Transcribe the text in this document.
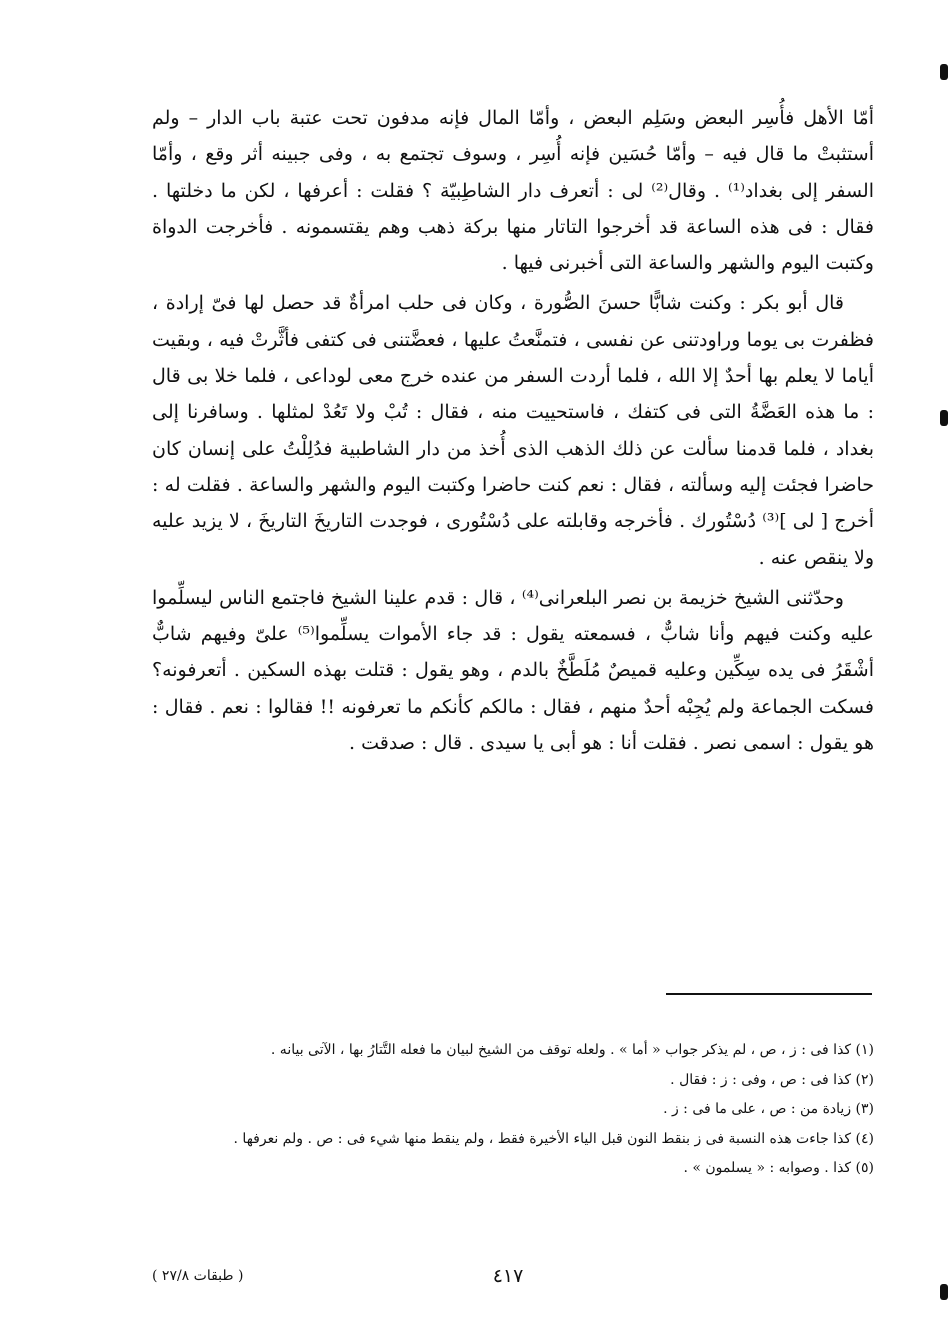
أمّا الأهل فأُسِر البعض وسَلِم البعض ، وأمّا المال فإنه مدفون تحت عتبة باب الدار – ولم أستثبتْ ما قال فيه – وأمّا حُسَين فإنه أُسِر ، وسوف تجتمع به ، وفى جبينه أثر وقع ، وأمّا السفر إلى بغداد⁽¹⁾ . وقال⁽²⁾ لى : أتعرف دار الشاطِبيّة ؟ فقلت : أعرفها ، لكن ما دخلتها . فقال : فى هذه الساعة قد أخرجوا التاتار منها بركة ذهب وهم يقتسمونه . فأخرجت الدواة وكتبت اليوم والشهر والساعة التى أخبرنى فيها .

قال أبو بكر : وكنت شابًّا حسنَ الصُّورة ، وكان فى حلب امرأةٌ قد حصل لها فىّ إرادة ، فظفرت بى يوما وراودتنى عن نفسى ، فتمنَّعتُ عليها ، فعضَّتنى فى كتفى فأثَّرتْ فيه ، وبقيت أياما لا يعلم بها أحدٌ إلا الله ، فلما أردت السفر من عنده خرج معى لوداعى ، فلما خلا بى قال : ما هذه العَضَّةُ التى فى كتفك ، فاستحييت منه ، فقال : تُبْ ولا تَعُدْ لمثلها . وسافرنا إلى بغداد ، فلما قدمنا سألت عن ذلك الذهب الذى أُخذ من دار الشاطبية فدُلِلْتُ على إنسان كان حاضرا فجئت إليه وسألته ، فقال : نعم كنت حاضرا وكتبت اليوم والشهر والساعة . فقلت له : أخرج [ لى ]⁽³⁾ دُسْتُورك . فأخرجه وقابلته على دُسْتُورى ، فوجدت التاريخَ التاريخَ ، لا يزيد عليه ولا ينقص عنه .

وحدّثنى الشيخ خزيمة بن نصر البلعرانى⁽⁴⁾ ، قال : قدم علينا الشيخ فاجتمع الناس ليسلِّموا عليه وكنت فيهم وأنا شابٌّ ، فسمعته يقول : قد جاء الأموات يسلِّموا⁽⁵⁾ علىّ وفيهم شابٌّ أشْقَرُ فى يده سِكِّين وعليه قميصٌ مُلَطَّخٌ بالدم ، وهو يقول : قتلت بهذه السكين . أتعرفونه؟ فسكت الجماعة ولم يُجِبْه أحدٌ منهم ، فقال : مالكم كأنكم ما تعرفونه !! فقالوا : نعم . فقال : هو يقول : اسمى نصر . فقلت أنا : هو أبى يا سيدى . قال : صدقت .

(١) كذا فى : ز ، ص ، لم يذكر جواب « أما » . ولعله توقف من الشيخ لبيان ما فعله التَّتارُ بها ، الآتى بيانه .

(٢) كذا فى : ص ، وفى : ز : فقال .

(٣) زيادة من : ص ، على ما فى : ز .

(٤) كذا جاءت هذه النسبة فى ز بنقط النون قبل الياء الأخيرة فقط ، ولم ينقط منها شيء فى : ص . ولم نعرفها .

(٥) كذا . وصوابه : « يسلمون » .

٤١٧
( طبقات ٢٧/٨ )
